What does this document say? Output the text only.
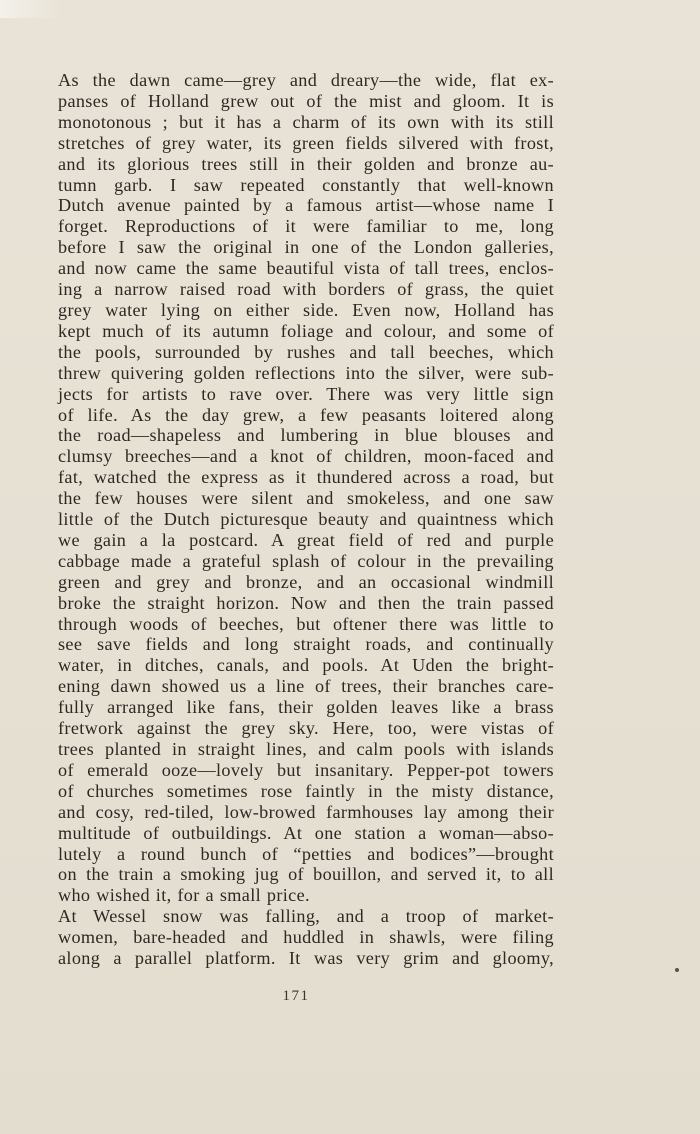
As the dawn came—grey and dreary—the wide, flat ex-
panses of Holland grew out of the mist and gloom. It is
monotonous ; but it has a charm of its own with its still
stretches of grey water, its green fields silvered with frost,
and its glorious trees still in their golden and bronze au-
tumn garb. I saw repeated constantly that well-known
Dutch avenue painted by a famous artist—whose name I
forget. Reproductions of it were familiar to me, long
before I saw the original in one of the London galleries,
and now came the same beautiful vista of tall trees, enclos-
ing a narrow raised road with borders of grass, the quiet
grey water lying on either side. Even now, Holland has
kept much of its autumn foliage and colour, and some of
the pools, surrounded by rushes and tall beeches, which
threw quivering golden reflections into the silver, were sub-
jects for artists to rave over. There was very little sign
of life. As the day grew, a few peasants loitered along
the road—shapeless and lumbering in blue blouses and
clumsy breeches—and a knot of children, moon-faced and
fat, watched the express as it thundered across a road, but
the few houses were silent and smokeless, and one saw
little of the Dutch picturesque beauty and quaintness which
we gain a la postcard. A great field of red and purple
cabbage made a grateful splash of colour in the prevailing
green and grey and bronze, and an occasional windmill
broke the straight horizon. Now and then the train passed
through woods of beeches, but oftener there was little to
see save fields and long straight roads, and continually
water, in ditches, canals, and pools. At Uden the bright-
ening dawn showed us a line of trees, their branches care-
fully arranged like fans, their golden leaves like a brass
fretwork against the grey sky. Here, too, were vistas of
trees planted in straight lines, and calm pools with islands
of emerald ooze—lovely but insanitary. Pepper-pot towers
of churches sometimes rose faintly in the misty distance,
and cosy, red-tiled, low-browed farmhouses lay among their
multitude of outbuildings. At one station a woman—abso-
lutely a round bunch of “petties and bodices”—brought
on the train a smoking jug of bouillon, and served it, to all
who wished it, for a small price.
At Wessel snow was falling, and a troop of market-
women, bare-headed and huddled in shawls, were filing
along a parallel platform. It was very grim and gloomy,
171
